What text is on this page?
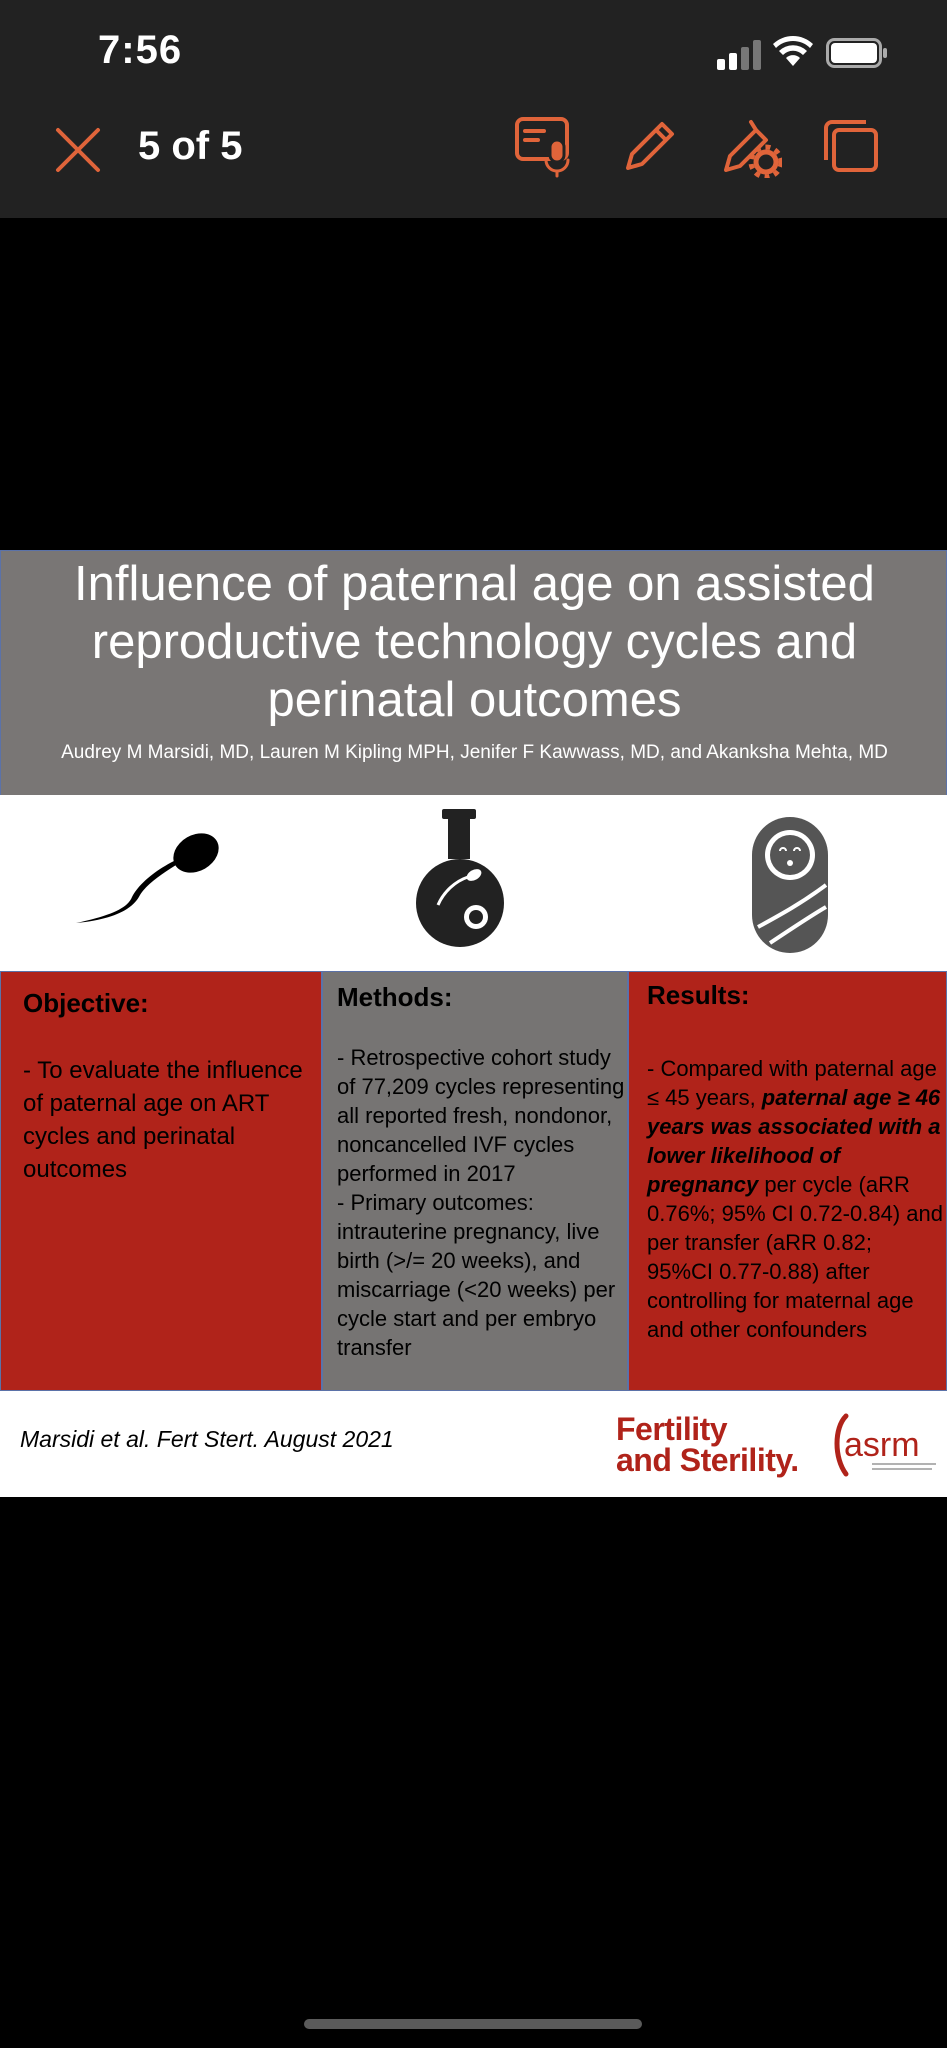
7:56
5 of 5
Influence of paternal age on assisted reproductive technology cycles and perinatal outcomes
Audrey M Marsidi, MD, Lauren M Kipling MPH, Jenifer F Kawwass, MD, and Akanksha Mehta, MD
Objective:
- To evaluate the influence of paternal age on ART cycles and perinatal outcomes
Methods:
- Retrospective cohort study of 77,209 cycles representing all reported fresh, nondonor, noncancelled IVF cycles performed in 2017
- Primary outcomes: intrauterine pregnancy, live birth (>/= 20 weeks), and miscarriage (<20 weeks) per cycle start and per embryo transfer
Results:
- Compared with paternal age ≤ 45 years, paternal age ≥ 46 years was associated with a lower likelihood of pregnancy per cycle (aRR 0.76%; 95% CI 0.72-0.84) and per transfer (aRR 0.82; 95%CI 0.77-0.88) after controlling for maternal age and other confounders
Marsidi et al. Fert Stert. August 2021	Fertility
and Sterility. asrm
